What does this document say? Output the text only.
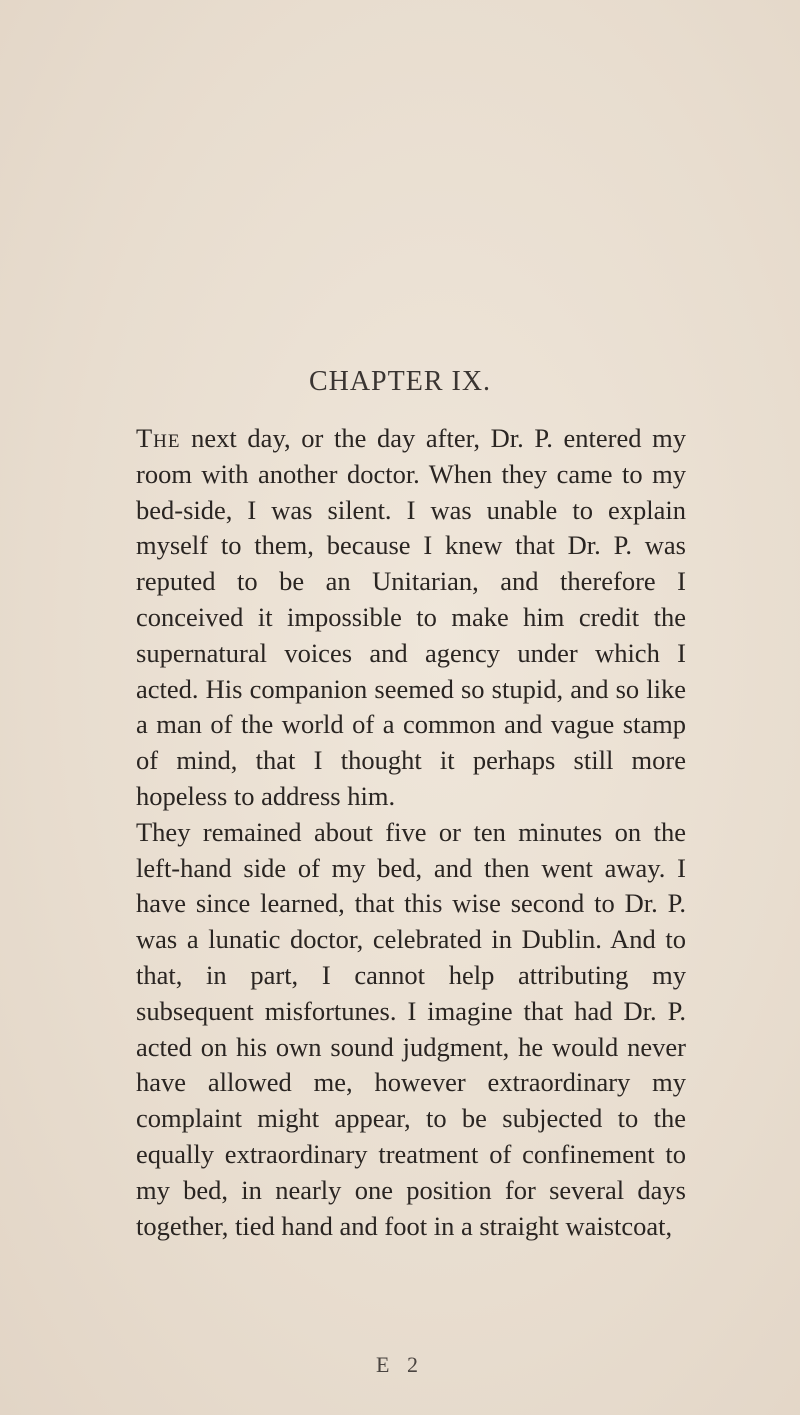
CHAPTER IX.

The next day, or the day after, Dr. P. entered my room with another doctor. When they came to my bed-side, I was silent. I was unable to explain myself to them, because I knew that Dr. P. was reputed to be an Unitarian, and therefore I conceived it impossible to make him credit the supernatural voices and agency under which I acted. His companion seemed so stupid, and so like a man of the world of a common and vague stamp of mind, that I thought it perhaps still more hopeless to address him.

They remained about five or ten minutes on the left-hand side of my bed, and then went away. I have since learned, that this wise second to Dr. P. was a lunatic doctor, celebrated in Dublin. And to that, in part, I cannot help attributing my subsequent misfortunes. I imagine that had Dr. P. acted on his own sound judgment, he would never have allowed me, however extraordinary my complaint might appear, to be subjected to the equally extraordinary treatment of confinement to my bed, in nearly one position for several days together, tied hand and foot in a straight waistcoat,

E 2
